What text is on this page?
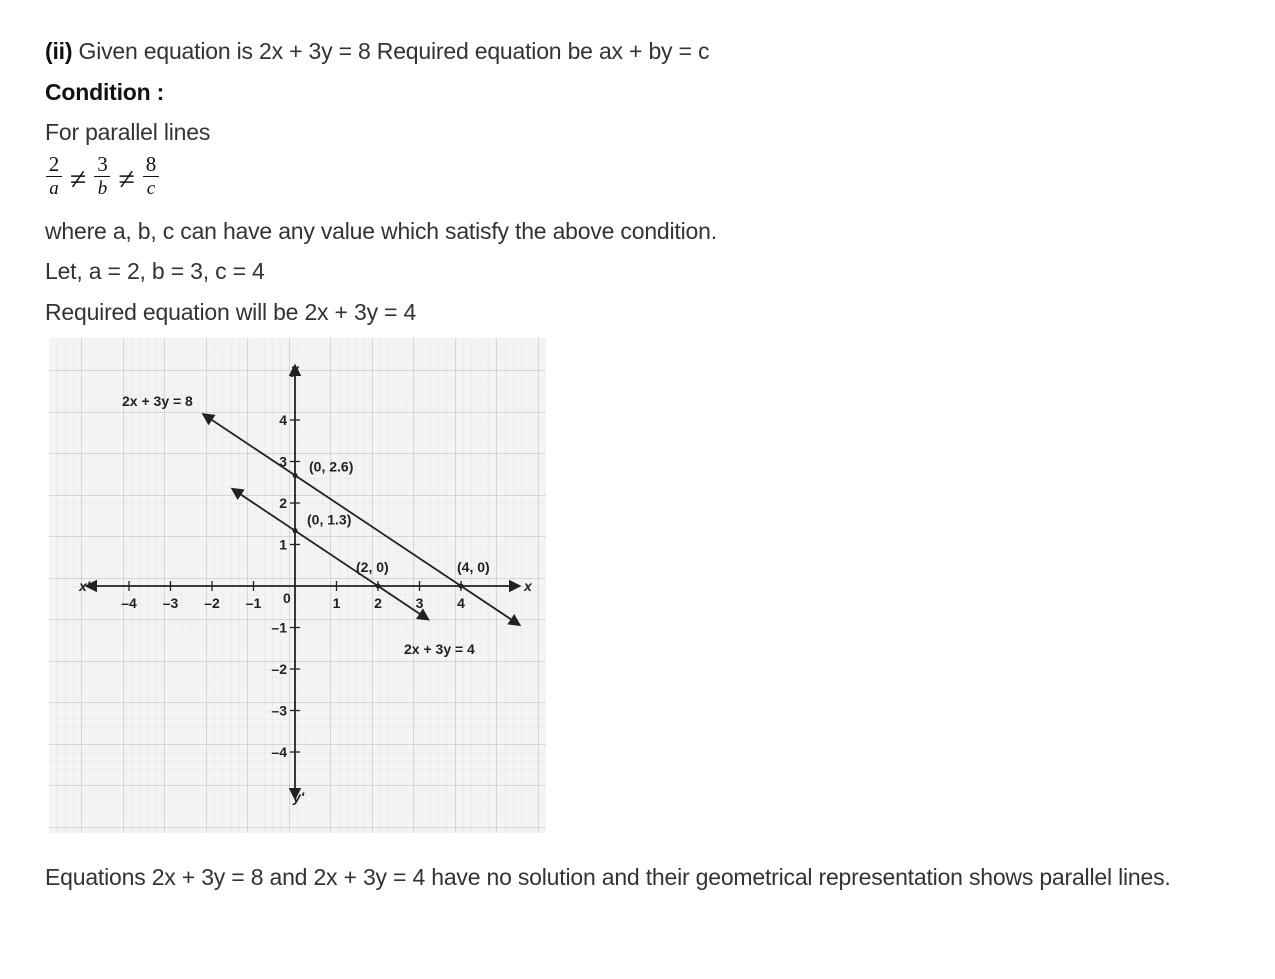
(ii) Given equation is 2x + 3y = 8 Required equation be ax + by = c
Condition :
For parallel lines
$\frac{2}{a} \ne \frac{3}{b} \ne \frac{8}{c}$
where a, b, c can have any value which satisfy the above condition.
Let, a = 2, b = 3, c = 4
Required equation will be 2x + 3y = 4
x
x'
y
y'
0
–4 –3 –2 –1	1 2 3 4
4
3
2
1
–1
–2
–3
–4
2x + 3y = 8
2x + 3y = 4
(0, 2.6)
(0, 1.3)
(2, 0)	(4, 0)
Equations 2x + 3y = 8 and 2x + 3y = 4 have no solution and their geometrical representation shows parallel lines.
